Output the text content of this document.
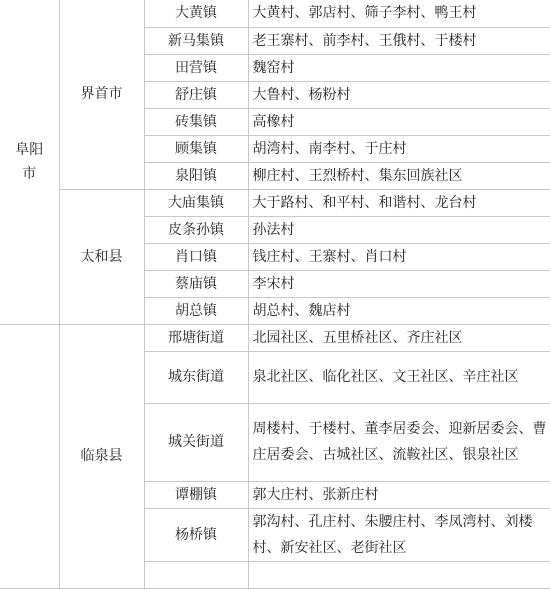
阜阳市	界首市	大黄镇	大黄村、郭店村、筛子李村、鸭王村
		新马集镇	老王寨村、前李村、王俄村、于楼村
		田营镇	魏窑村
		舒庄镇	大鲁村、杨粉村
		砖集镇	高橡村
		顾集镇	胡湾村、南李村、于庄村
		泉阳镇	柳庄村、王烈桥村、集东回族社区
	太和县	大庙集镇	大于路村、和平村、和谐村、龙台村
		皮条孙镇	孙法村
		肖口镇	钱庄村、王寨村、肖口村
		蔡庙镇	李宋村
		胡总镇	胡总村、魏店村
	临泉县	邢塘街道	北园社区、五里桥社区、齐庄社区
		城东街道	泉北社区、临化社区、文王社区、辛庄社区
		城关街道	周楼村、于楼村、董李居委会、迎新居委会、曹庄居委会、古城社区、流鞍社区、银泉社区
		谭棚镇	郭大庄村、张新庄村
		杨桥镇	郭沟村、孔庄村、朱腰庄村、李凤湾村、刘楼村、新安社区、老街社区
